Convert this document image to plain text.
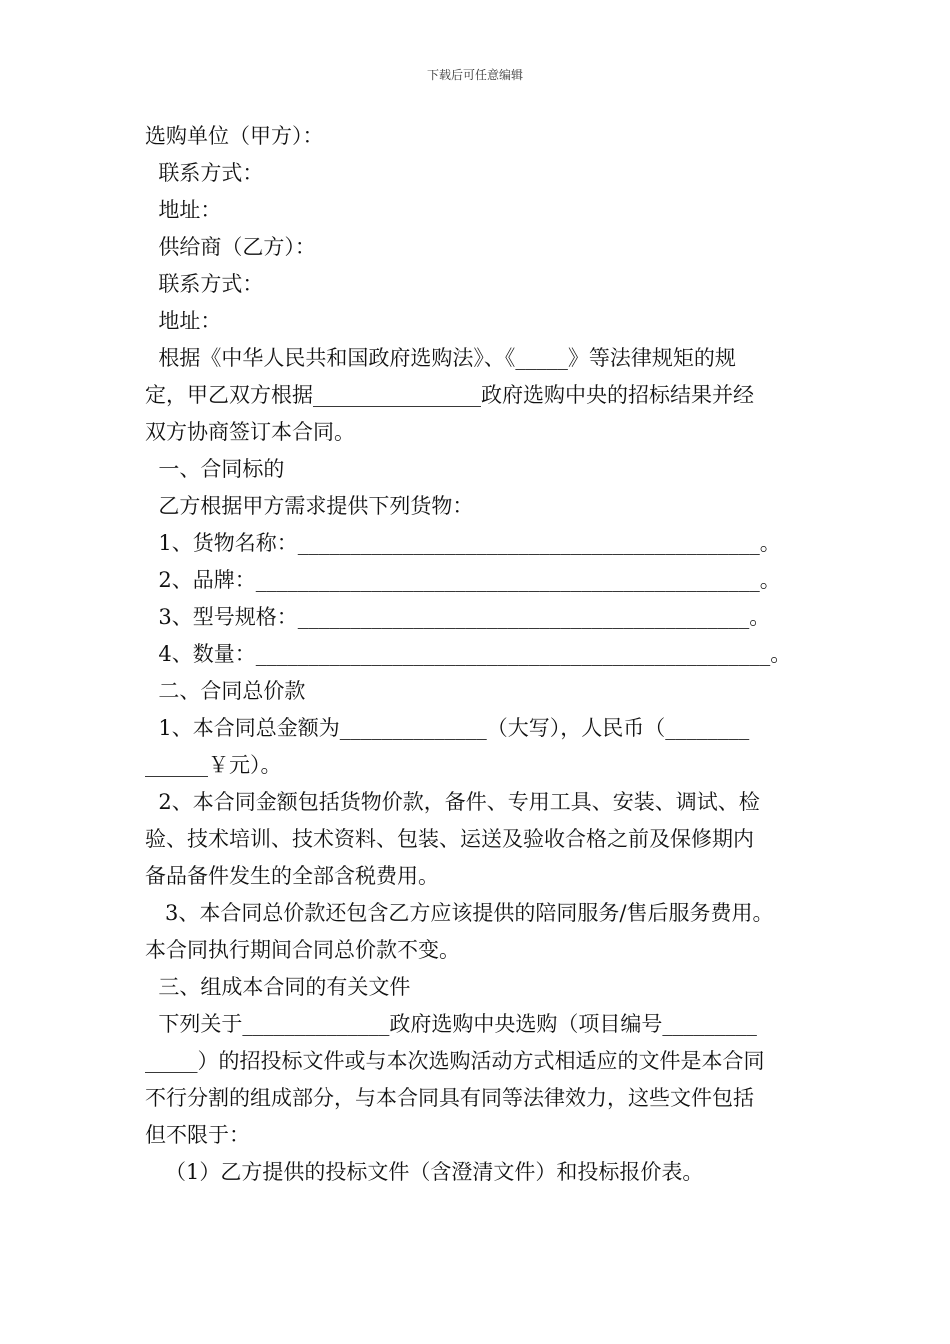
下载后可任意编辑
选购单位（甲方）：
联系方式：
地址：
供给商（乙方）：
联系方式：
地址：
根据《中华人民共和国政府选购法》、《_____》等法律规矩的规
定，甲乙双方根据________________政府选购中央的招标结果并经
双方协商签订本合同。
一、合同标的
乙方根据甲方需求提供下列货物：
1、货物名称：____________________________________________。
2、品牌：________________________________________________。
3、型号规格：___________________________________________。
4、数量：_________________________________________________。
二、合同总价款
1、本合同总金额为______________（大写），人民币（________
______￥元）。
2、本合同金额包括货物价款，备件、专用工具、安装、调试、检
验、技术培训、技术资料、包装、运送及验收合格之前及保修期内
备品备件发生的全部含税费用。
3、本合同总价款还包含乙方应该提供的陪同服务/售后服务费用。
本合同执行期间合同总价款不变。
三、组成本合同的有关文件
下列关于______________政府选购中央选购（项目编号_________
_____）的招投标文件或与本次选购活动方式相适应的文件是本合同
不行分割的组成部分，与本合同具有同等法律效力，这些文件包括
但不限于：
（1）乙方提供的投标文件（含澄清文件）和投标报价表。
